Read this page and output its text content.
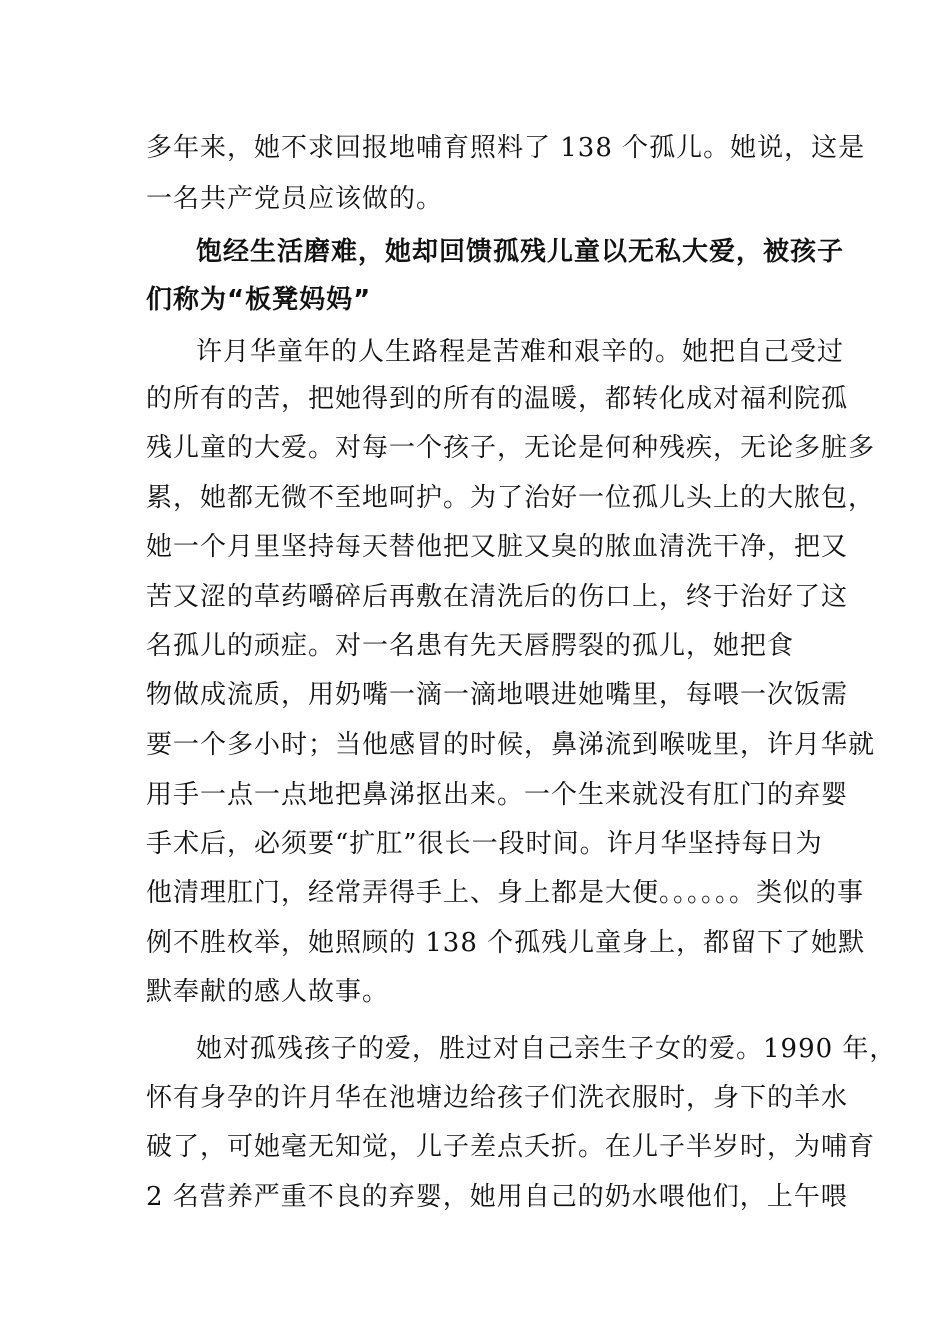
多年来，她不求回报地哺育照料了 138 个孤儿。她说，这是
一名共产党员应该做的。
饱经生活磨难，她却回馈孤残儿童以无私大爱，被孩子
们称为“板凳妈妈”
许月华童年的人生路程是苦难和艰辛的。她把自己受过
的所有的苦，把她得到的所有的温暖，都转化成对福利院孤
残儿童的大爱。对每一个孩子，无论是何种残疾，无论多脏多
累，她都无微不至地呵护。为了治好一位孤儿头上的大脓包，
她一个月里坚持每天替他把又脏又臭的脓血清洗干净，把又
苦又涩的草药嚼碎后再敷在清洗后的伤口上，终于治好了这
名孤儿的顽症。对一名患有先天唇腭裂的孤儿，她把食
物做成流质，用奶嘴一滴一滴地喂进她嘴里，每喂一次饭需
要一个多小时；当他感冒的时候，鼻涕流到喉咙里，许月华就
用手一点一点地把鼻涕抠出来。一个生来就没有肛门的弃婴
手术后，必须要“扩肛”很长一段时间。许月华坚持每日为
他清理肛门，经常弄得手上、身上都是大便。。。。。。类似的事
例不胜枚举，她照顾的 138 个孤残儿童身上，都留下了她默
默奉献的感人故事。
她对孤残孩子的爱，胜过对自己亲生子女的爱。1990 年，
怀有身孕的许月华在池塘边给孩子们洗衣服时，身下的羊水
破了，可她毫无知觉，儿子差点夭折。在儿子半岁时，为哺育
2 名营养严重不良的弃婴，她用自己的奶水喂他们，上午喂
